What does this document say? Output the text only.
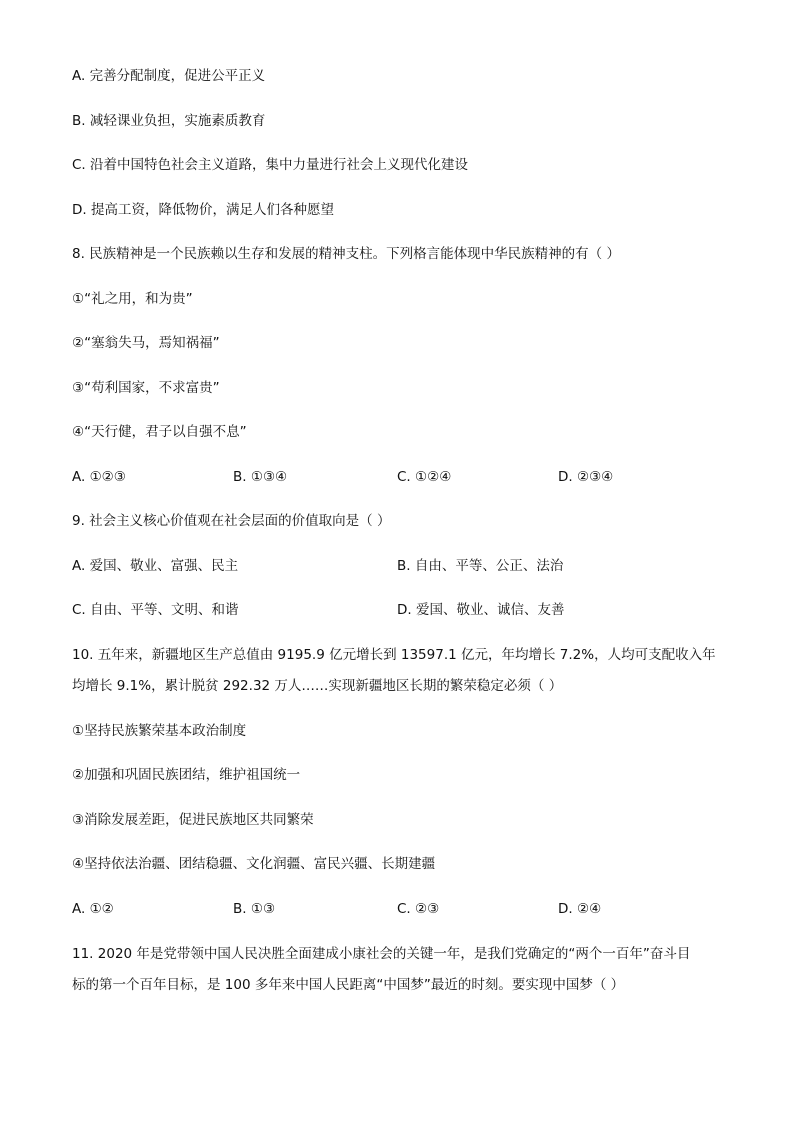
A. 完善分配制度，促进公平正义
B. 减轻课业负担，实施素质教育
C. 沿着中国特色社会主义道路，集中力量进行社会上义现代化建设
D. 提高工资，降低物价，满足人们各种愿望
8. 民族精神是一个民族赖以生存和发展的精神支柱。下列格言能体现中华民族精神的有（ ）
①“礼之用，和为贵”
②“塞翁失马，焉知祸福”
③“苟利国家，不求富贵”
④“天行健，君子以自强不息”
A. ①②③	B. ①③④	C. ①②④	D. ②③④
9. 社会主义核心价值观在社会层面的价值取向是（ ）
A. 爱国、敬业、富强、民主	B. 自由、平等、公正、法治
C. 自由、平等、文明、和谐	D. 爱国、敬业、诚信、友善
10. 五年来，新疆地区生产总值由 9195.9 亿元增长到 13597.1 亿元，年均增长 7.2%，人均可支配收入年
均增长 9.1%，累计脱贫 292.32 万人……实现新疆地区长期的繁荣稳定必须（ ）
①坚持民族繁荣基本政治制度
②加强和巩固民族团结，维护祖国统一
③消除发展差距，促进民族地区共同繁荣
④坚持依法治疆、团结稳疆、文化润疆、富民兴疆、长期建疆
A. ①②	B. ①③	C. ②③	D. ②④
11. 2020 年是党带领中国人民决胜全面建成小康社会的关键一年，是我们党确定的“两个一百年”奋斗目
标的第一个百年目标，是 100 多年来中国人民距离“中国梦”最近的时刻。要实现中国梦（ ）
